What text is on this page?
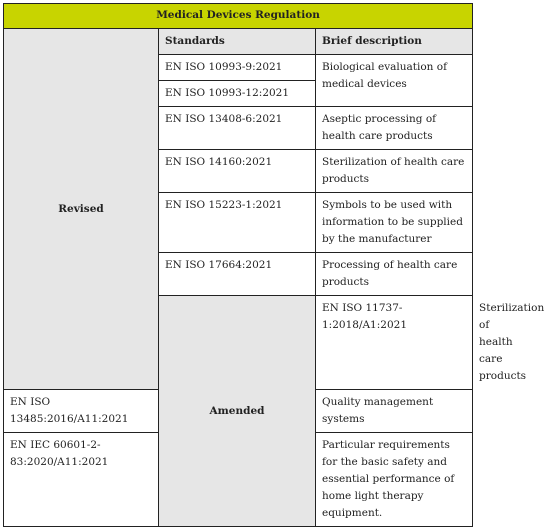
Medical Devices Regulation			
Revised	Standards	Brief description	
	EN ISO 10993-9:2021	Biological evaluation of medical devices	
	EN ISO 10993-12:2021		
	EN ISO 13408-6:2021	Aseptic processing of health care products	
	EN ISO 14160:2021	Sterilization of health care products	
	EN ISO 15223-1:2021	Symbols to be used with information to be supplied by the manufacturer	
	EN ISO 17664:2021	Processing of health care products	
	Amended	EN ISO 11737-1:2018/A1:2021	Sterilization of health care products
EN ISO 13485:2016/A11:2021		Quality management systems	
EN IEC 60601-2-83:2020/A11:2021		Particular requirements for the basic safety and essential performance of home light therapy equipment.	
